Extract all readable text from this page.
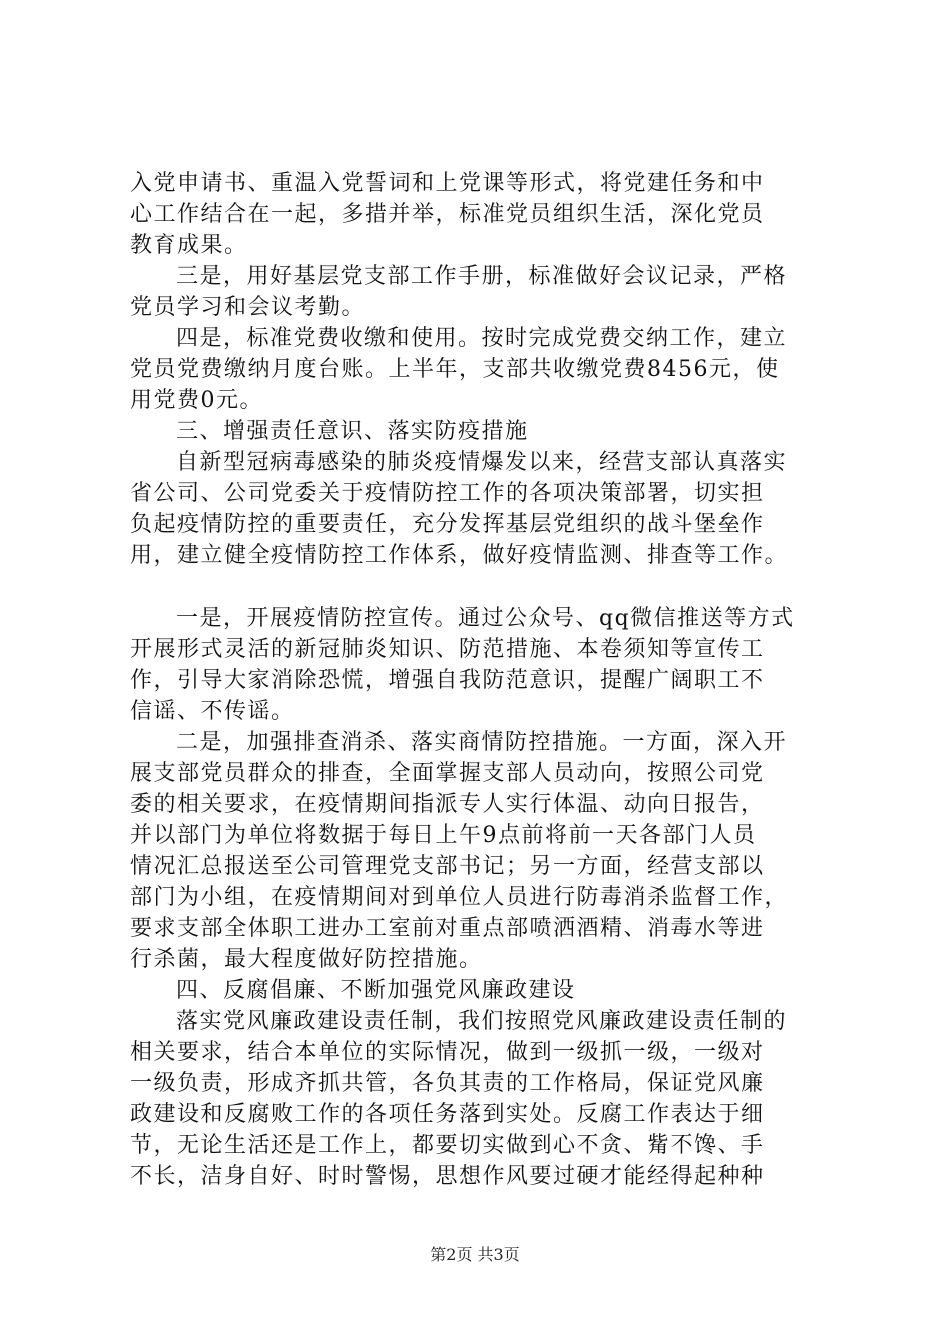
入党申请书、重温入党誓词和上党课等形式，将党建任务和中
心工作结合在一起，多措并举，标准党员组织生活，深化党员
教育成果。
三是，用好基层党支部工作手册，标准做好会议记录，严格
党员学习和会议考勤。
四是，标准党费收缴和使用。按时完成党费交纳工作，建立
党员党费缴纳月度台账。上半年，支部共收缴党费8456元，使
用党费0元。
三、增强责任意识、落实防疫措施
自新型冠病毒感染的肺炎疫情爆发以来，经营支部认真落实
省公司、公司党委关于疫情防控工作的各项决策部署，切实担
负起疫情防控的重要责任，充分发挥基层党组织的战斗堡垒作
用，建立健全疫情防控工作体系，做好疫情监测、排查等工作。
一是，开展疫情防控宣传。通过公众号、qq微信推送等方式
开展形式灵活的新冠肺炎知识、防范措施、本卷须知等宣传工
作，引导大家消除恐慌，增强自我防范意识，提醒广阔职工不
信谣、不传谣。
二是，加强排查消杀、落实商情防控措施。一方面，深入开
展支部党员群众的排查，全面掌握支部人员动向，按照公司党
委的相关要求，在疫情期间指派专人实行体温、动向日报告，
并以部门为单位将数据于每日上午9点前将前一天各部门人员
情况汇总报送至公司管理党支部书记；另一方面，经营支部以
部门为小组，在疫情期间对到单位人员进行防毒消杀监督工作，
要求支部全体职工进办工室前对重点部喷洒酒精、消毒水等进
行杀菌，最大程度做好防控措施。
四、反腐倡廉、不断加强党风廉政建设
落实党风廉政建设责任制，我们按照党风廉政建设责任制的
相关要求，结合本单位的实际情况，做到一级抓一级，一级对
一级负责，形成齐抓共管，各负其责的工作格局，保证党风廉
政建设和反腐败工作的各项任务落到实处。反腐工作表达于细
节，无论生活还是工作上，都要切实做到心不贪、觜不馋、手
不长，洁身自好、时时警惕，思想作风要过硬才能经得起种种
第2页 共3页
